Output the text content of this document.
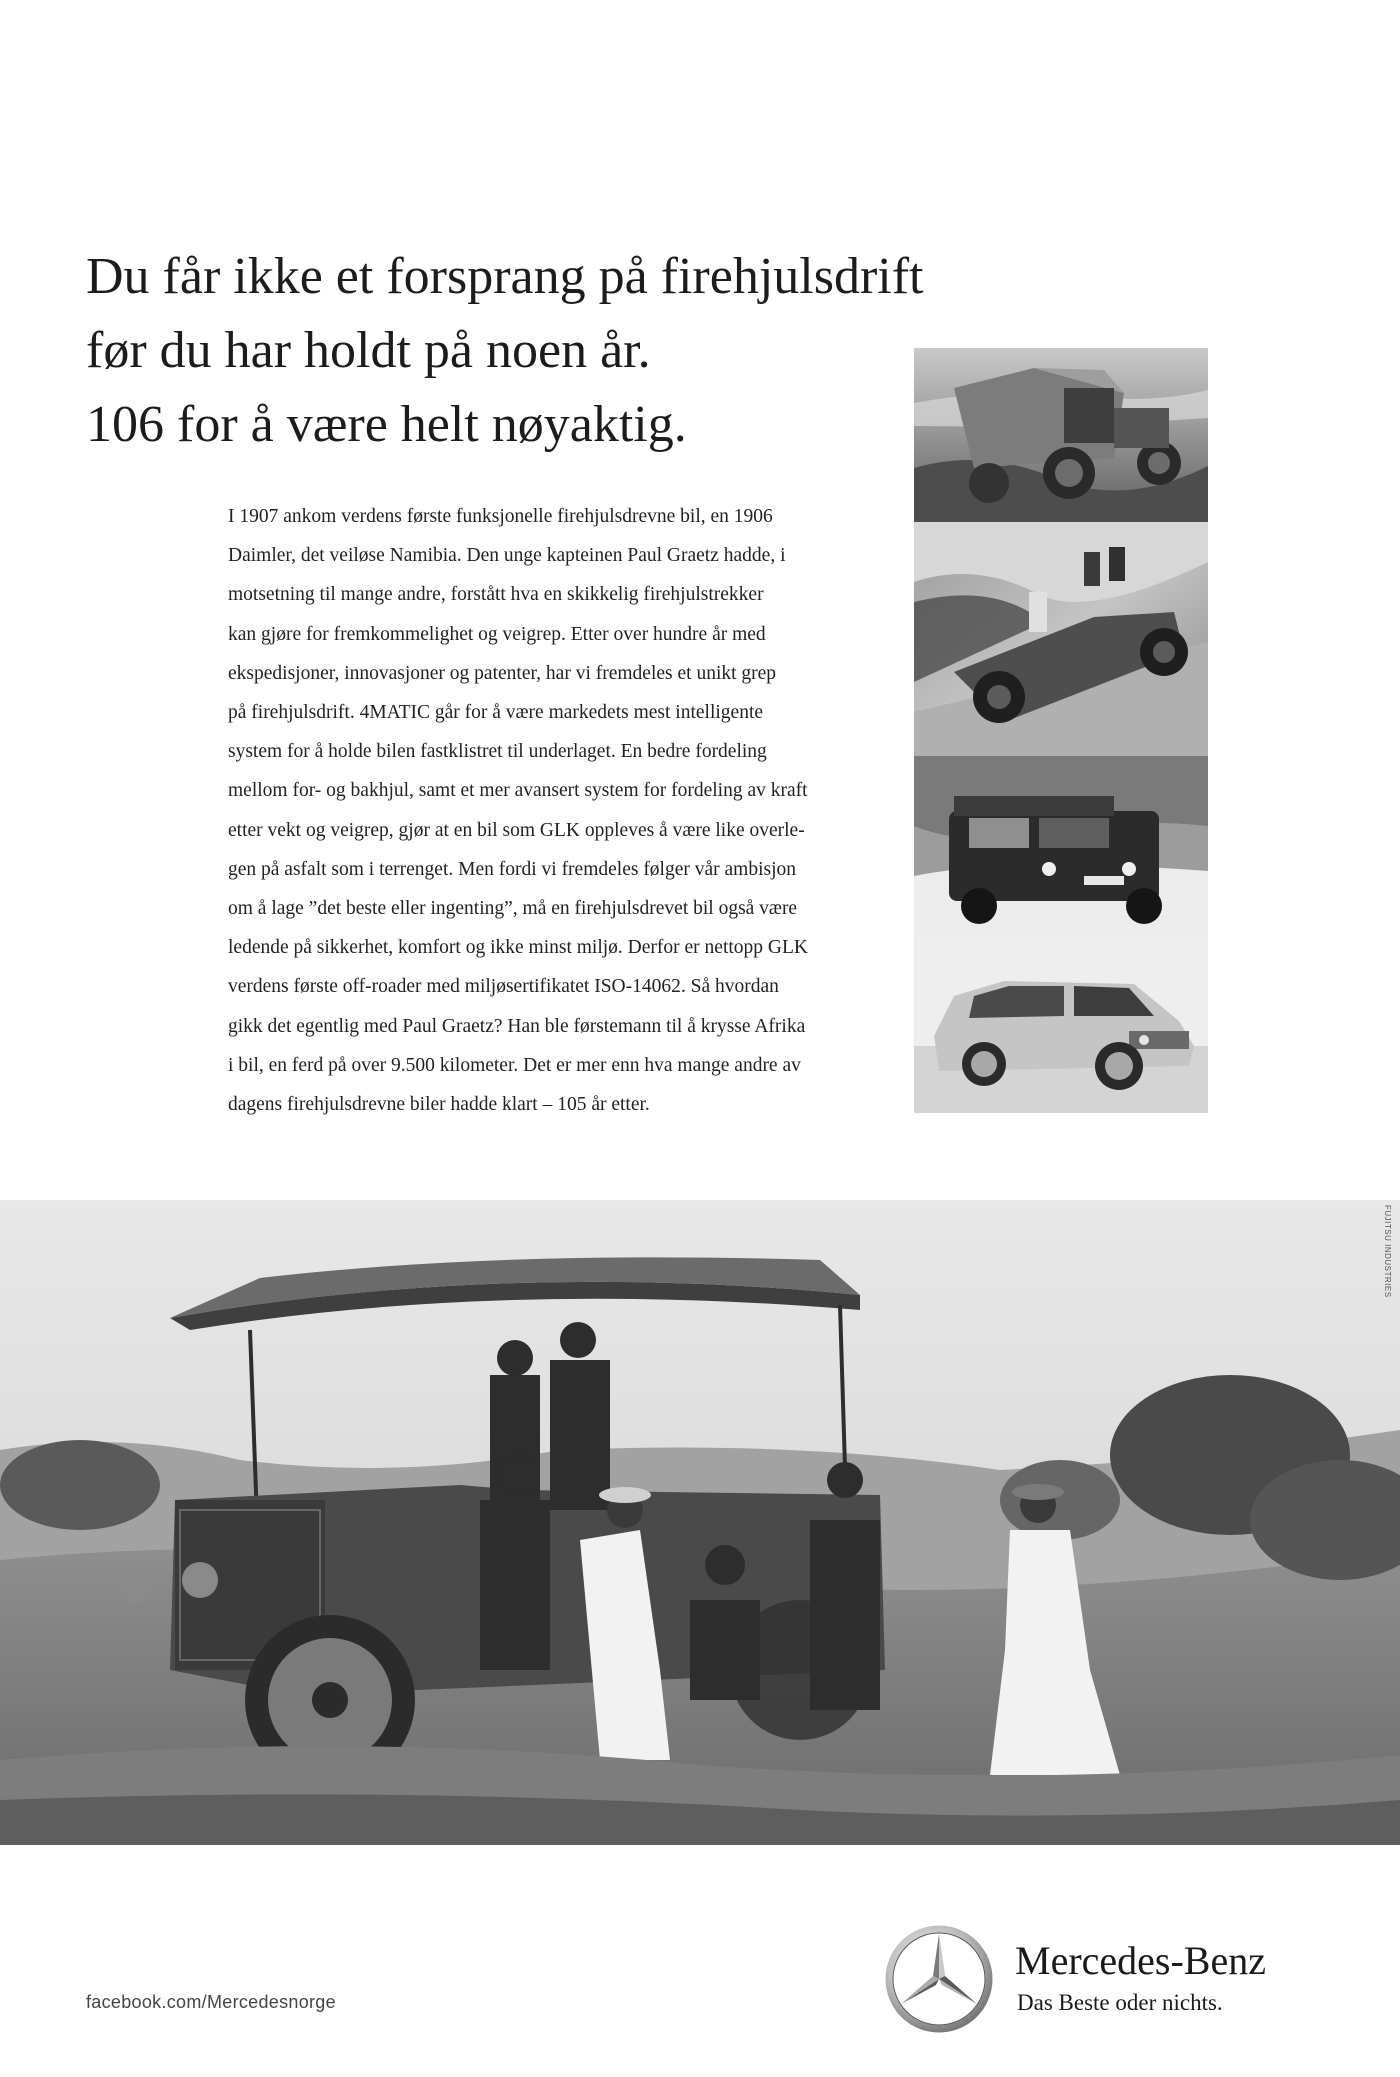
Du får ikke et forsprang på firehjulsdrift
før du har holdt på noen år.
106 for å være helt nøyaktig.
I 1907 ankom verdens første funksjonelle firehjulsdrevne bil, en 1906
Daimler, det veiløse Namibia. Den unge kapteinen Paul Graetz hadde, i
motsetning til mange andre, forstått hva en skikkelig firehjulstrekker
kan gjøre for fremkommelighet og veigrep. Etter over hundre år med
ekspedisjoner, innovasjoner og patenter, har vi fremdeles et unikt grep
på firehjulsdrift. 4MATIC går for å være markedets mest intelligente
system for å holde bilen fastklistret til underlaget. En bedre fordeling
mellom for- og bakhjul, samt et mer avansert system for fordeling av kraft
etter vekt og veigrep, gjør at en bil som GLK oppleves å være like overle-
gen på asfalt som i terrenget. Men fordi vi fremdeles følger vår ambisjon
om å lage ”det beste eller ingenting”, må en firehjulsdrevet bil også være
ledende på sikkerhet, komfort og ikke minst miljø. Derfor er nettopp GLK
verdens første off-roader med miljøsertifikatet ISO-14062. Så hvordan
gikk det egentlig med Paul Graetz? Han ble førstemann til å krysse Afrika
i bil, en ferd på over 9.500 kilometer. Det er mer enn hva mange andre av
dagens firehjulsdrevne biler hadde klart – 105 år etter.
FUJITSU INDUSTRIES
facebook.com/Mercedesnorge
Mercedes-Benz
Das Beste oder nichts.
